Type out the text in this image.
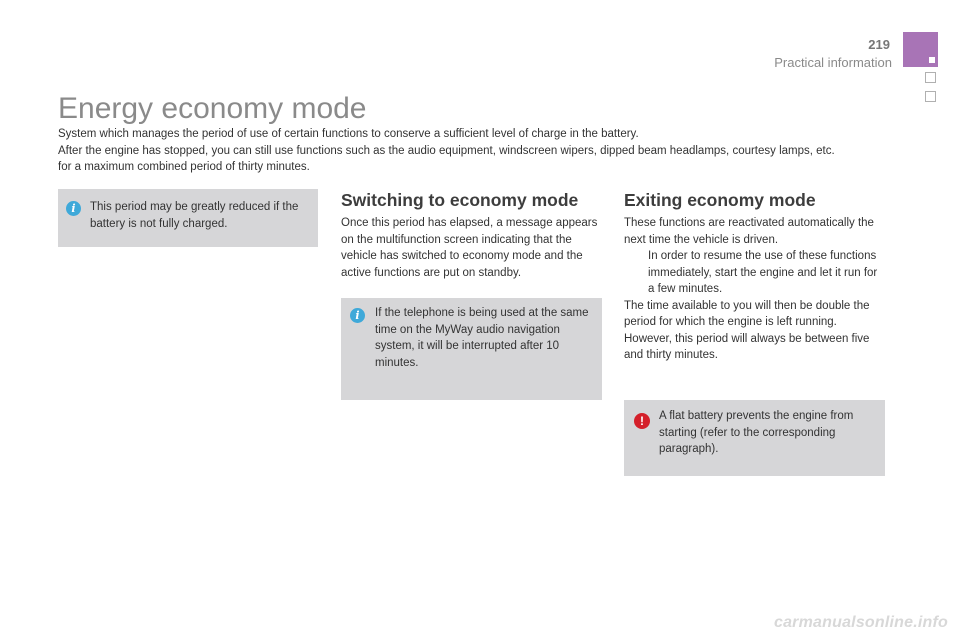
219
Practical information
Energy economy mode

System which manages the period of use of certain functions to conserve a sufficient level of charge in the battery.

After the engine has stopped, you can still use functions such as the audio equipment, windscreen wipers, dipped beam headlamps, courtesy lamps, etc. for a maximum combined period of thirty minutes.

i	This period may be greatly reduced if the battery is not fully charged.
Switching to economy mode
Once this period has elapsed, a message appears on the multifunction screen indicating that the vehicle has switched to economy mode and the active functions are put on standby.
i	If the telephone is being used at the same time on the MyWay audio navigation system, it will be interrupted after 10 minutes.
Exiting economy mode

These functions are reactivated automatically the next time the vehicle is driven.

In order to resume the use of these functions immediately, start the engine and let it run for a few minutes.

The time available to you will then be double the period for which the engine is left running. However, this period will always be between five and thirty minutes.

!	A flat battery prevents the engine from starting (refer to the corresponding paragraph).
carmanualsonline.info
